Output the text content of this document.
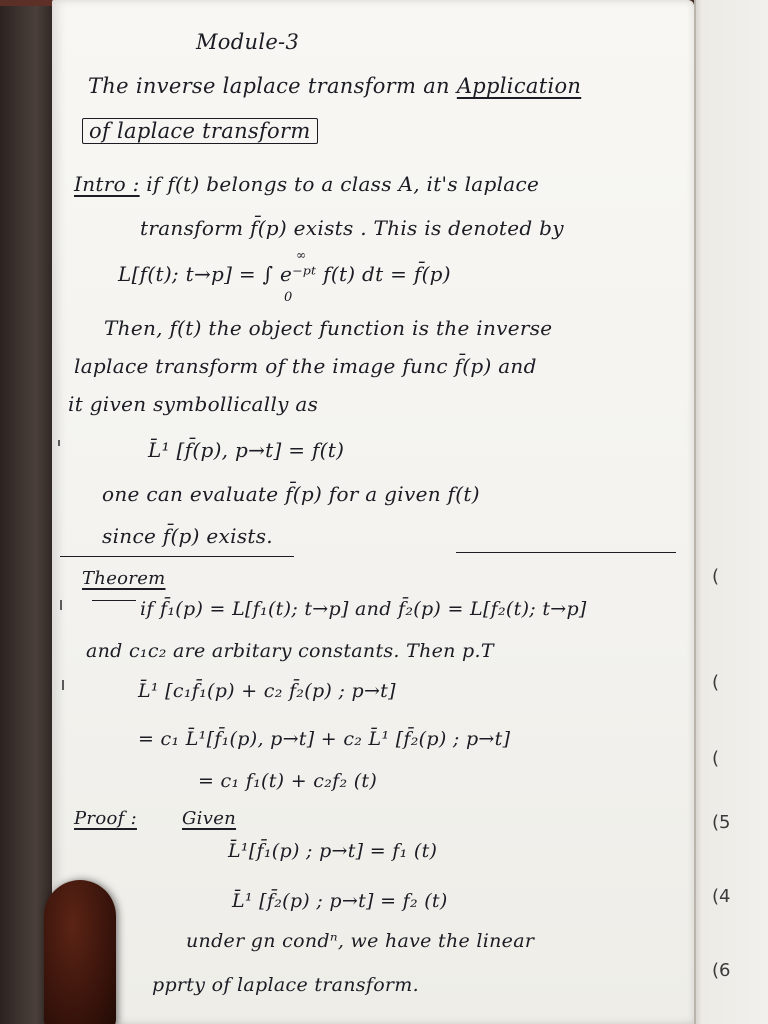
Module-3
The inverse laplace transform an Application
of laplace transform
Intro : if f(t) belongs to a class A, it's laplace
transform f̄(p) exists . This is denoted by
L[f(t); t→p] = ∫ e⁻ᵖᵗ f(t) dt = f̄(p)
∞
0
Then, f(t) the object function is the inverse
laplace transform of the image func f̄(p) and
it given symbollically as
L̄¹ [f̄(p), p→t] = f(t)
one can evaluate f̄(p) for a given f(t)
since f̄(p) exists.
Theorem
if f̄₁(p) = L[f₁(t); t→p] and f̄₂(p) = L[f₂(t); t→p]
and c₁c₂ are arbitary constants. Then p.T
L̄¹ [c₁f̄₁(p) + c₂ f̄₂(p) ; p→t]
= c₁ L̄¹[f̄₁(p), p→t] + c₂ L̄¹ [f̄₂(p) ; p→t]
= c₁ f₁(t) + c₂f₂ (t)
Proof :	Given
L̄¹[f̄₁(p) ; p→t] = f₁ (t)
L̄¹ [f̄₂(p) ; p→t] = f₂ (t)
under gn condⁿ, we have the linear
pprty of laplace transform.
(
(
(
(5
(4
(6
